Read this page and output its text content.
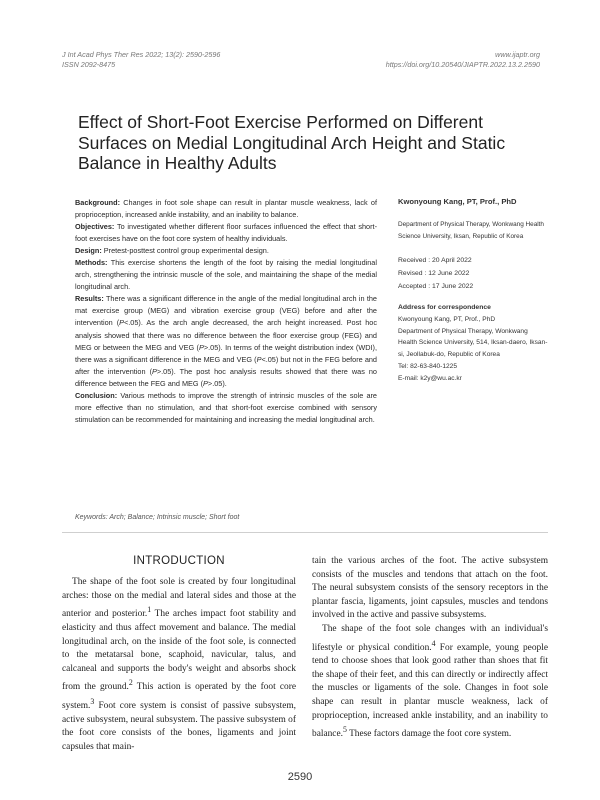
J Int Acad Phys Ther Res 2022; 13(2): 2590-2596
ISSN 2092-8475
www.ijaptr.org
https://doi.org/10.20540/JIAPTR.2022.13.2.2590
Effect of Short-Foot Exercise Performed on Different
Surfaces on Medial Longitudinal Arch Height and Static
Balance in Healthy Adults

Background: Changes in foot sole shape can result in plantar muscle weakness, lack of proprioception, increased ankle instability, and an inability to balance.

Objectives: To investigated whether different floor surfaces influenced the effect that short-foot exercises have on the foot core system of healthy individuals.

Design: Pretest-posttest control group experimental design.

Methods: This exercise shortens the length of the foot by raising the medial longitudinal arch, strengthening the intrinsic muscle of the sole, and maintaining the shape of the medial longitudinal arch.

Results: There was a significant difference in the angle of the medial longitudinal arch in the mat exercise group (MEG) and vibration exercise group (VEG) before and after the intervention (P<.05). As the arch angle decreased, the arch height increased. Post hoc analysis showed that there was no difference between the floor exercise group (FEG) and MEG or between the MEG and VEG (P>.05). In terms of the weight distribution index (WDI), there was a significant difference in the MEG and VEG (P<.05) but not in the FEG before and after the intervention (P>.05). The post hoc analysis results showed that there was no difference between the FEG and MEG (P>.05).

Conclusion: Various methods to improve the strength of intrinsic muscles of the sole are more effective than no stimulation, and that short-foot exercise combined with sensory stimulation can be recommended for maintaining and increasing the medial longitudinal arch.

Kwonyoung Kang, PT, Prof., PhD
Department of Physical Therapy, Wonkwang Health Science University, Iksan, Republic of Korea
Received : 20 April 2022
Revised : 12 June 2022
Accepted : 17 June 2022
Address for correspondence
Kwonyoung Kang, PT, Prof., PhD
Department of Physical Therapy, Wonkwang Health Science University, 514, Iksan-daero, Iksan-si, Jeollabuk-do, Republic of Korea
Tel: 82-63-840-1225
E-mail: k2y@wu.ac.kr
Keywords: Arch; Balance; Intrinsic muscle; Short foot
INTRODUCTION

The shape of the foot sole is created by four longitudinal arches: those on the medial and lateral sides and those at the anterior and posterior.$^1$ The arches impact foot stability and elasticity and thus affect movement and balance. The medial longitudinal arch, on the inside of the foot sole, is connected to the metatarsal bone, scaphoid, navicular, talus, and calcaneal and supports the body's weight and absorbs shock from the ground.$^2$ This action is operated by the foot core system.$^3$ Foot core system is consist of passive subsystem, active subsystem, neural subsystem. The passive subsystem of the foot core consists of the bones, ligaments and joint capsules that main-

tain the various arches of the foot. The active subsystem consists of the muscles and tendons that attach on the foot. The neural subsystem consists of the sensory receptors in the plantar fascia, ligaments, joint capsules, muscles and tendons involved in the active and passive subsystems.

The shape of the foot sole changes with an individual's lifestyle or physical condition.$^4$ For example, young people tend to choose shoes that look good rather than shoes that fit the shape of their feet, and this can directly or indirectly affect the muscles or ligaments of the sole. Changes in foot sole shape can result in plantar muscle weakness, lack of proprioception, increased ankle instability, and an inability to balance.$^5$ These factors damage the foot core system.

2590
